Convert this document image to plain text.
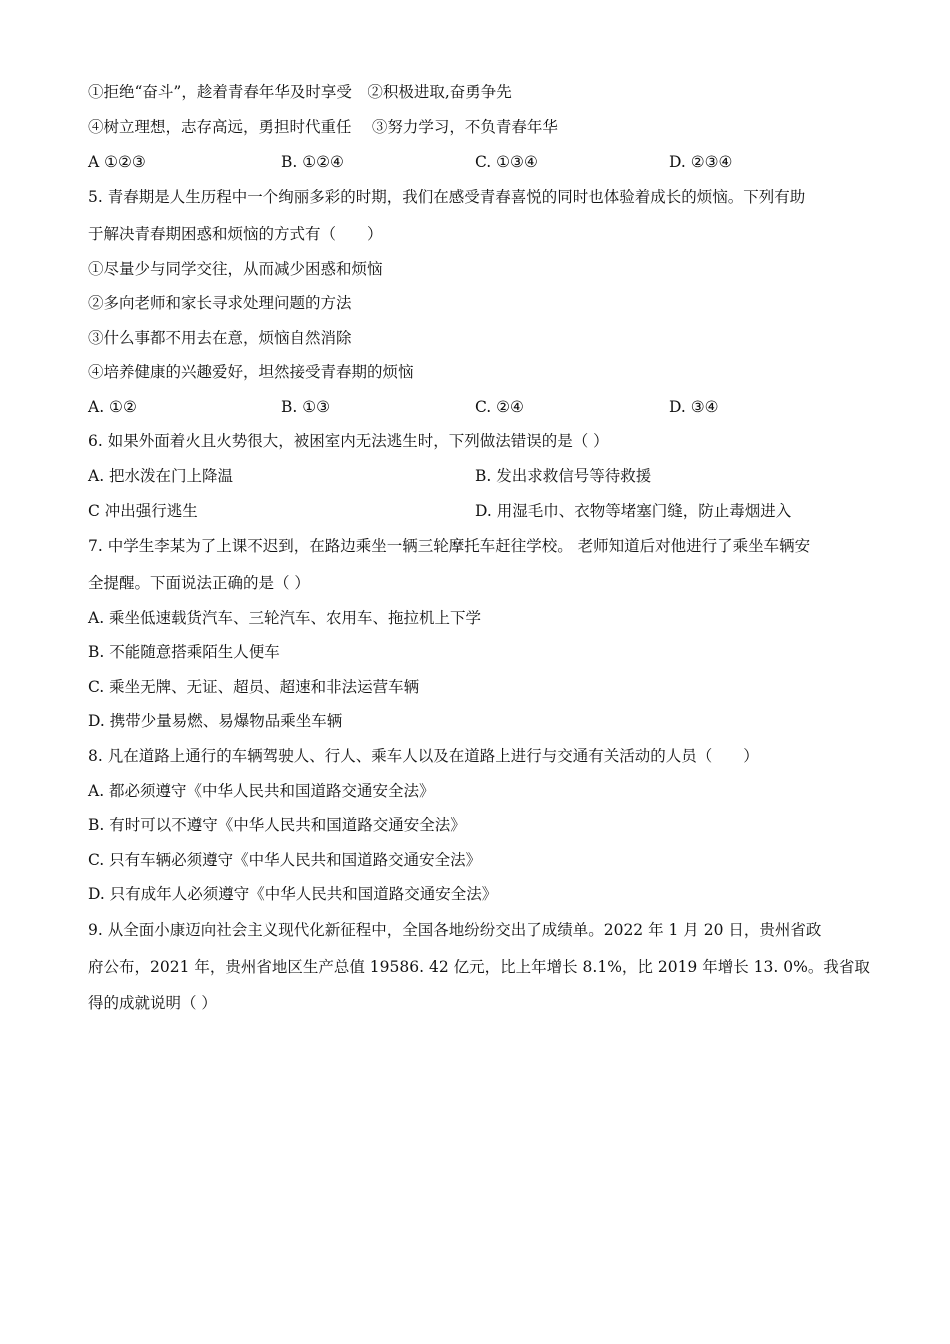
①拒绝“奋斗”，趁着青春年华及时享受　②积极进取,奋勇争先
④树立理想，志存高远，勇担时代重任　 ③努力学习，不负青春年华
A ①②③	B. ①②④	C. ①③④	D. ②③④
5. 青春期是人生历程中一个绚丽多彩的时期，我们在感受青春喜悦的同时也体验着成长的烦恼。下列有助
于解决青春期困惑和烦恼的方式有（　　）
①尽量少与同学交往，从而减少困惑和烦恼
②多向老师和家长寻求处理问题的方法
③什么事都不用去在意，烦恼自然消除
④培养健康的兴趣爱好，坦然接受青春期的烦恼
A. ①②	B. ①③	C. ②④	D. ③④
6. 如果外面着火且火势很大，被困室内无法逃生时，下列做法错误的是（ ）
A. 把水泼在门上降温	B. 发出求救信号等待救援
C 冲出强行逃生	D. 用湿毛巾、衣物等堵塞门缝，防止毒烟进入
7. 中学生李某为了上课不迟到，在路边乘坐一辆三轮摩托车赶往学校。 老师知道后对他进行了乘坐车辆安
全提醒。下面说法正确的是（ ）
A. 乘坐低速载货汽车、三轮汽车、农用车、拖拉机上下学
B. 不能随意搭乘陌生人便车
C. 乘坐无牌、无证、超员、超速和非法运营车辆
D. 携带少量易燃、易爆物品乘坐车辆
8. 凡在道路上通行的车辆驾驶人、行人、乘车人以及在道路上进行与交通有关活动的人员（　　）
A. 都必须遵守《中华人民共和国道路交通安全法》
B. 有时可以不遵守《中华人民共和国道路交通安全法》
C. 只有车辆必须遵守《中华人民共和国道路交通安全法》
D. 只有成年人必须遵守《中华人民共和国道路交通安全法》
9. 从全面小康迈向社会主义现代化新征程中，全国各地纷纷交出了成绩单。2022 年 1 月 20 日，贵州省政
府公布，2021 年，贵州省地区生产总值 19586. 42 亿元，比上年增长 8.1%，比 2019 年增长 13. 0%。我省取
得的成就说明（ ）
